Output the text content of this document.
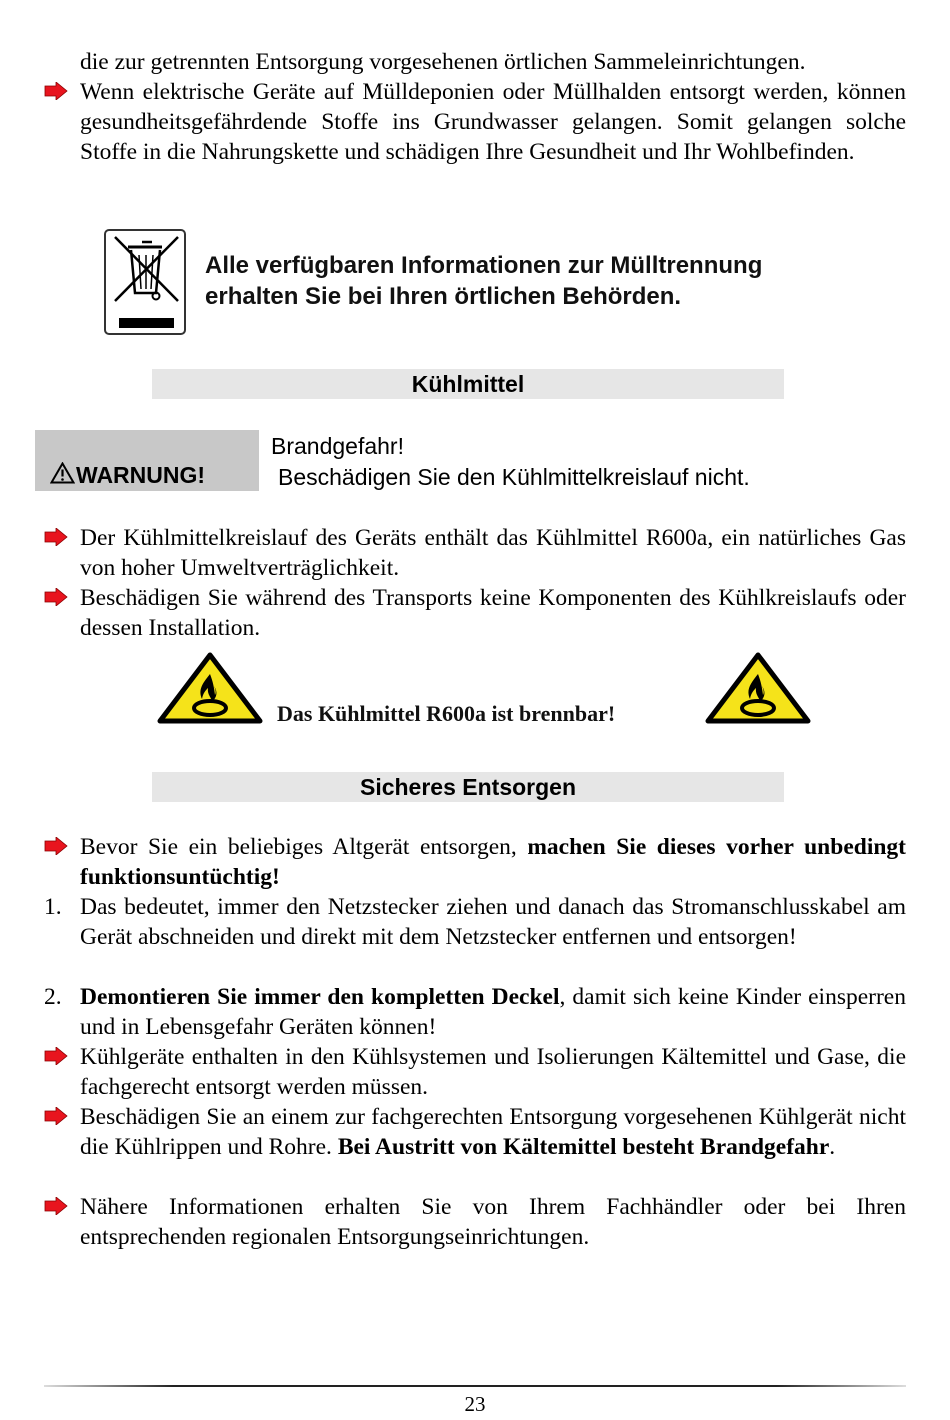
die zur getrennten Entsorgung vorgesehenen örtlichen Sammeleinrichtungen.
Wenn elektrische Geräte auf Mülldeponien oder Müllhalden entsorgt werden, können gesundheitsgefährdende Stoffe ins Grundwasser gelangen. Somit gelangen solche Stoffe in die Nahrungskette und schädigen Ihre Gesundheit und Ihr Wohlbefinden.
Alle verfügbaren Informationen zur Mülltrennung
erhalten Sie bei Ihren örtlichen Behörden.
Kühlmittel
WARNUNG!
Brandgefahr!
Beschädigen Sie den Kühlmittelkreislauf nicht.
Der Kühlmittelkreislauf des Geräts enthält das Kühlmittel R600a, ein natürliches Gas von hoher Umweltverträglichkeit.
Beschädigen Sie während des Transports keine Komponenten des Kühlkreislaufs oder dessen Installation.
Das Kühlmittel R600a ist brennbar!
Sicheres Entsorgen
Bevor Sie ein beliebiges Altgerät entsorgen, machen Sie dieses vorher unbedingt funktionsuntüchtig!
1. Das bedeutet, immer den Netzstecker ziehen und danach das Stromanschlusskabel am Gerät abschneiden und direkt mit dem Netzstecker entfernen und entsorgen!
2. Demontieren Sie immer den kompletten Deckel, damit sich keine Kinder einsperren und in Lebensgefahr Geräten können!
Kühlgeräte enthalten in den Kühlsystemen und Isolierungen Kältemittel und Gase, die fachgerecht entsorgt werden müssen.
Beschädigen Sie an einem zur fachgerechten Entsorgung vorgesehenen Kühlgerät nicht die Kühlrippen und Rohre. Bei Austritt von Kältemittel besteht Brandgefahr.
Nähere Informationen erhalten Sie von Ihrem Fachhändler oder bei Ihren entsprechenden regionalen Entsorgungseinrichtungen.
23
